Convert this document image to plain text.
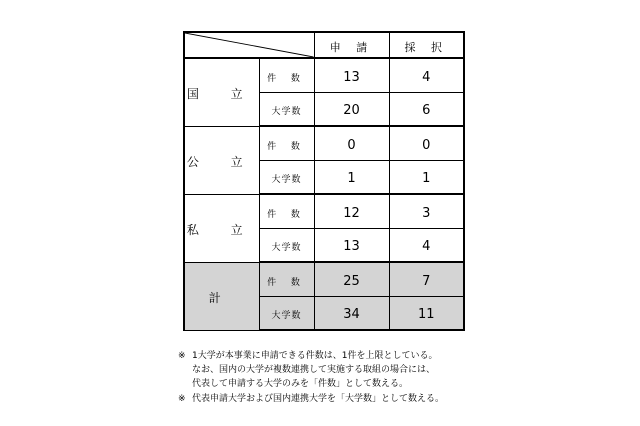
	申 請	採 択
国 立	件 数	13	4
	大学数	20	6
公 立	件 数	0	0
	大学数	1	1
私 立	件 数	12	3
	大学数	13	4
計	件 数	25	7
	大学数	34	11
※ 1大学が本事業に申請できる件数は、1件を上限としている。
なお、国内の大学が複数連携して実施する取組の場合には、
代表して申請する大学のみを「件数」として数える。
※ 代表申請大学および国内連携大学を「大学数」として数える。
